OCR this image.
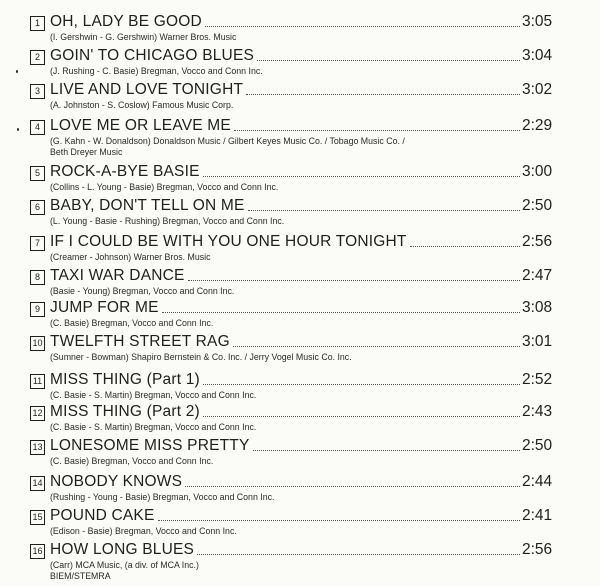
1 OH, LADY BE GOOD	3:05
(I. Gershwin - G. Gershwin) Warner Bros. Music
2 GOIN' TO CHICAGO BLUES	3:04
(J. Rushing - C. Basie) Bregman, Vocco and Conn Inc.
3 LIVE AND LOVE TONIGHT	3:02
(A. Johnston - S. Coslow) Famous Music Corp.
4 LOVE ME OR LEAVE ME	2:29
(G. Kahn - W. Donaldson) Donaldson Music / Gilbert Keyes Music Co. / Tobago Music Co. /
Beth Dreyer Music
5 ROCK-A-BYE BASIE	3:00
(Collins - L. Young - Basie) Bregman, Vocco and Conn Inc.
6 BABY, DON'T TELL ON ME	2:50
(L. Young - Basie - Rushing) Bregman, Vocco and Conn Inc.
7 IF I COULD BE WITH YOU ONE HOUR TONIGHT	2:56
(Creamer - Johnson) Warner Bros. Music
8 TAXI WAR DANCE	2:47
(Basie - Young) Bregman, Vocco and Conn Inc.
9 JUMP FOR ME	3:08
(C. Basie) Bregman, Vocco and Conn Inc.
10 TWELFTH STREET RAG	3:01
(Sumner - Bowman) Shapiro Bernstein & Co. Inc. / Jerry Vogel Music Co. Inc.
11 MISS THING (Part 1)	2:52
(C. Basie - S. Martin) Bregman, Vocco and Conn Inc.
12 MISS THING (Part 2)	2:43
(C. Basie - S. Martin) Bregman, Vocco and Conn Inc.
13 LONESOME MISS PRETTY	2:50
(C. Basie) Bregman, Vocco and Conn Inc.
14 NOBODY KNOWS	2:44
(Rushing - Young - Basie) Bregman, Vocco and Conn Inc.
15 POUND CAKE	2:41
(Edison - Basie) Bregman, Vocco and Conn Inc.
16 HOW LONG BLUES	2:56
(Carr) MCA Music, (a div. of MCA Inc.)
BIEM/STEMRA
